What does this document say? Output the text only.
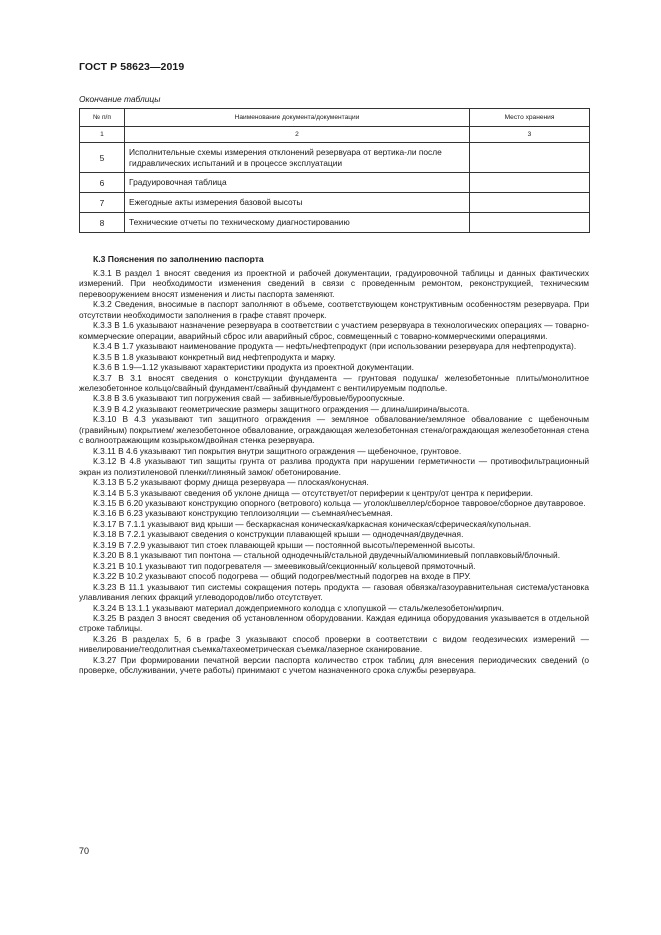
ГОСТ Р 58623—2019
Окончание таблицы
№ п/п	Наименование документа/документации	Место хранения
1	2	3
5	Исполнительные схемы измерения отклонений резервуара от вертика-ли после гидравлических испытаний и в процессе эксплуатации	
6	Градуировочная таблица	
7	Ежегодные акты измерения базовой высоты	
8	Технические отчеты по техническому диагностированию	
К.3 Пояснения по заполнению паспорта

К.3.1 В раздел 1 вносят сведения из проектной и рабочей документации, градуировочной таблицы и данных фактических измерений. При необходимости изменения сведений в связи с проведенным ремонтом, реконструкцией, техническим перевооружением вносят изменения и листы паспорта заменяют.

К.3.2 Сведения, вносимые в паспорт заполняют в объеме, соответствующем конструктивным особенностям резервуара. При отсутствии необходимости заполнения в графе ставят прочерк.

К.3.3 В 1.6 указывают назначение резервуара в соответствии с участием резервуара в технологических операциях — товарно-коммерческие операции, аварийный сброс или аварийный сброс, совмещенный с товарно-коммерческими операциями.

К.3.4 В 1.7 указывают наименование продукта — нефть/нефтепродукт (при использовании резервуара для нефтепродукта).

К.3.5 В 1.8 указывают конкретный вид нефтепродукта и марку.

К.3.6 В 1.9—1.12 указывают характеристики продукта из проектной документации.

К.3.7 В 3.1 вносят сведения о конструкции фундамента — грунтовая подушка/ железобетонные плиты/монолитное железобетонное кольцо/свайный фундамент/свайный фундамент с вентилируемым подполье.

К.3.8 В 3.6 указывают тип погружения свай — забивные/буровые/буроопускные.

К.3.9 В 4.2 указывают геометрические размеры защитного ограждения — длина/ширина/высота.

К.3.10 В 4.3 указывают тип защитного ограждения — земляное обвалование/земляное обвалование с щебеночным (гравийным) покрытием/ железобетонное обвалование, ограждающая железобетонная стена/ограждающая железобетонная стена с волноотражающим козырьком/двойная стенка резервуара.

К.3.11 В 4.6 указывают тип покрытия внутри защитного ограждения — щебеночное, грунтовое.

К.3.12 В 4.8 указывают тип защиты грунта от разлива продукта при нарушении герметичности — противофильтрационный экран из полиэтиленовой пленки/глиняный замок/ обетонирование.

К.3.13 В 5.2 указывают форму днища резервуара — плоская/конусная.

К.3.14 В 5.3 указывают сведения об уклоне днища — отсутствует/от периферии к центру/от центра к периферии.

К.3.15 В 6.20 указывают конструкцию опорного (ветрового) кольца — уголок/швеллер/сборное тавровое/сборное двутавровое.

К.3.16 В 6.23 указывают конструкцию теплоизоляции — съемная/несъемная.

К.3.17 В 7.1.1 указывают вид крыши — бескаркасная коническая/каркасная коническая/сферическая/купольная.

К.3.18 В 7.2.1 указывают сведения о конструкции плавающей крыши — однодечная/двудечная.

К.3.19 В 7.2.9 указывают тип стоек плавающей крыши — постоянной высоты/переменной высоты.

К.3.20 В 8.1 указывают тип понтона — стальной однодечный/стальной двудечный/алюминиевый поплавковый/блочный.

К.3.21 В 10.1 указывают тип подогревателя — змеевиковый/секционный/ кольцевой прямоточный.

К.3.22 В 10.2 указывают способ подогрева — общий подогрев/местный подогрев на входе в ПРУ.

К.3.23 В 11.1 указывают тип системы сокращения потерь продукта — газовая обвязка/газоуравнительная система/установка улавливания легких фракций углеводородов/либо отсутствует.

К.3.24 В 13.1.1 указывают материал дождеприемного колодца с хлопушкой — сталь/железобетон/кирпич.

К.3.25 В раздел 3 вносят сведения об установленном оборудовании. Каждая единица оборудования указывается в отдельной строке таблицы.

К.3.26 В разделах 5, 6 в графе 3 указывают способ проверки в соответствии с видом геодезических измерений — нивелирование/теодолитная съемка/тахеометрическая съемка/лазерное сканирование.

К.3.27 При формировании печатной версии паспорта количество строк таблиц для внесения периодических сведений (о проверке, обслуживании, учете работы) принимают с учетом назначенного срока службы резервуара.

70
